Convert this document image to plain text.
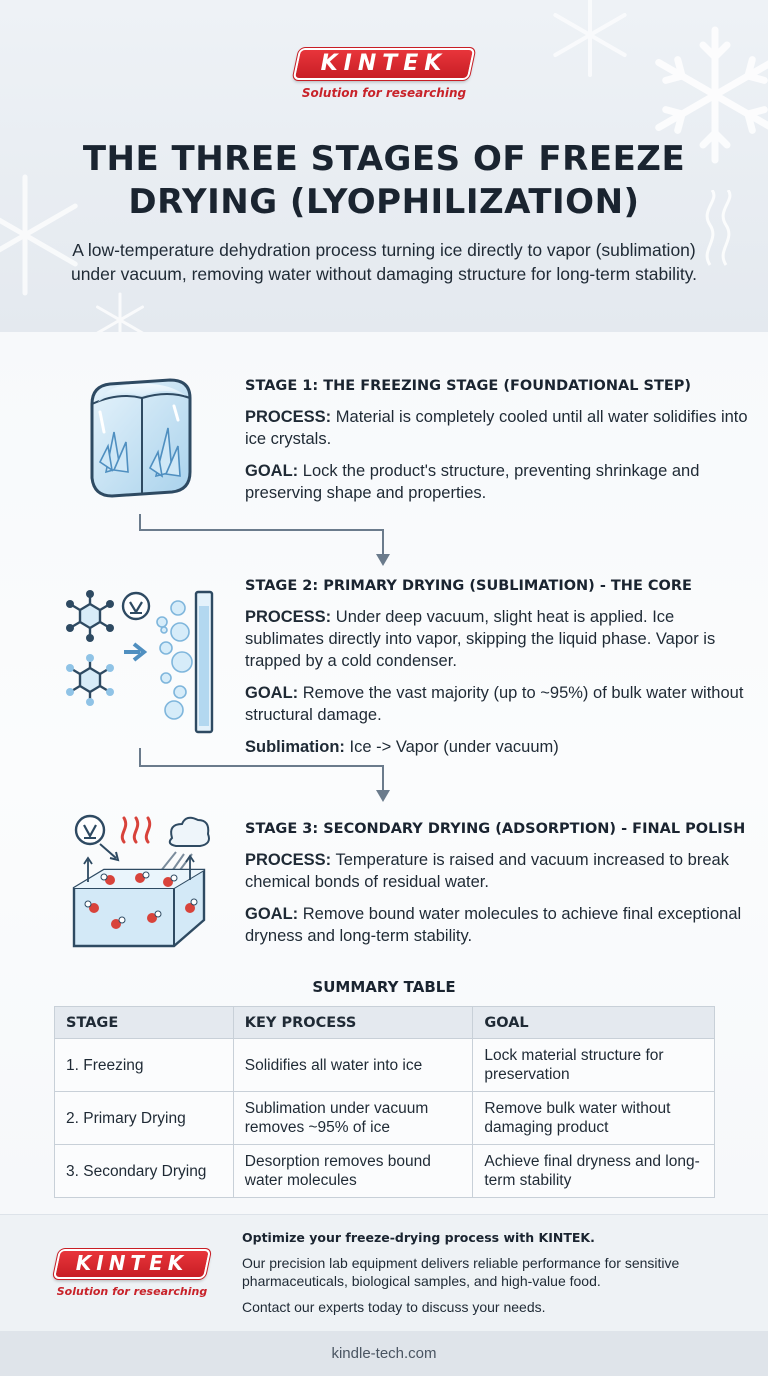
KINTEK
Solution for researching
THE THREE STAGES OF FREEZE DRYING (LYOPHILIZATION)

A low-temperature dehydration process turning ice directly to vapor (sublimation) under vacuum, removing water without damaging structure for long-term stability.

STAGE 1: THE FREEZING STAGE (FOUNDATIONAL STEP)

PROCESS: Material is completely cooled until all water solidifies into ice crystals.

GOAL: Lock the product's structure, preventing shrinkage and preserving shape and properties.

STAGE 2: PRIMARY DRYING (SUBLIMATION) - THE CORE

PROCESS: Under deep vacuum, slight heat is applied. Ice sublimates directly into vapor, skipping the liquid phase. Vapor is trapped by a cold condenser.

GOAL: Remove the vast majority (up to ~95%) of bulk water without structural damage.

Sublimation: Ice -> Vapor (under vacuum)

STAGE 3: SECONDARY DRYING (ADSORPTION) - FINAL POLISH

PROCESS: Temperature is raised and vacuum increased to break chemical bonds of residual water.

GOAL: Remove bound water molecules to achieve final exceptional dryness and long-term stability.

SUMMARY TABLE
STAGE	KEY PROCESS	GOAL
1. Freezing	Solidifies all water into ice	Lock material structure for preservation
2. Primary Drying	Sublimation under vacuum removes ~95% of ice	Remove bulk water without damaging product
3. Secondary Drying	Desorption removes bound water molecules	Achieve final dryness and long-term stability
KINTEK
Solution for researching
Optimize your freeze-drying process with KINTEK.

Our precision lab equipment delivers reliable performance for sensitive pharmaceuticals, biological samples, and high-value food.

Contact our experts today to discuss your needs.

kindle-tech.com
